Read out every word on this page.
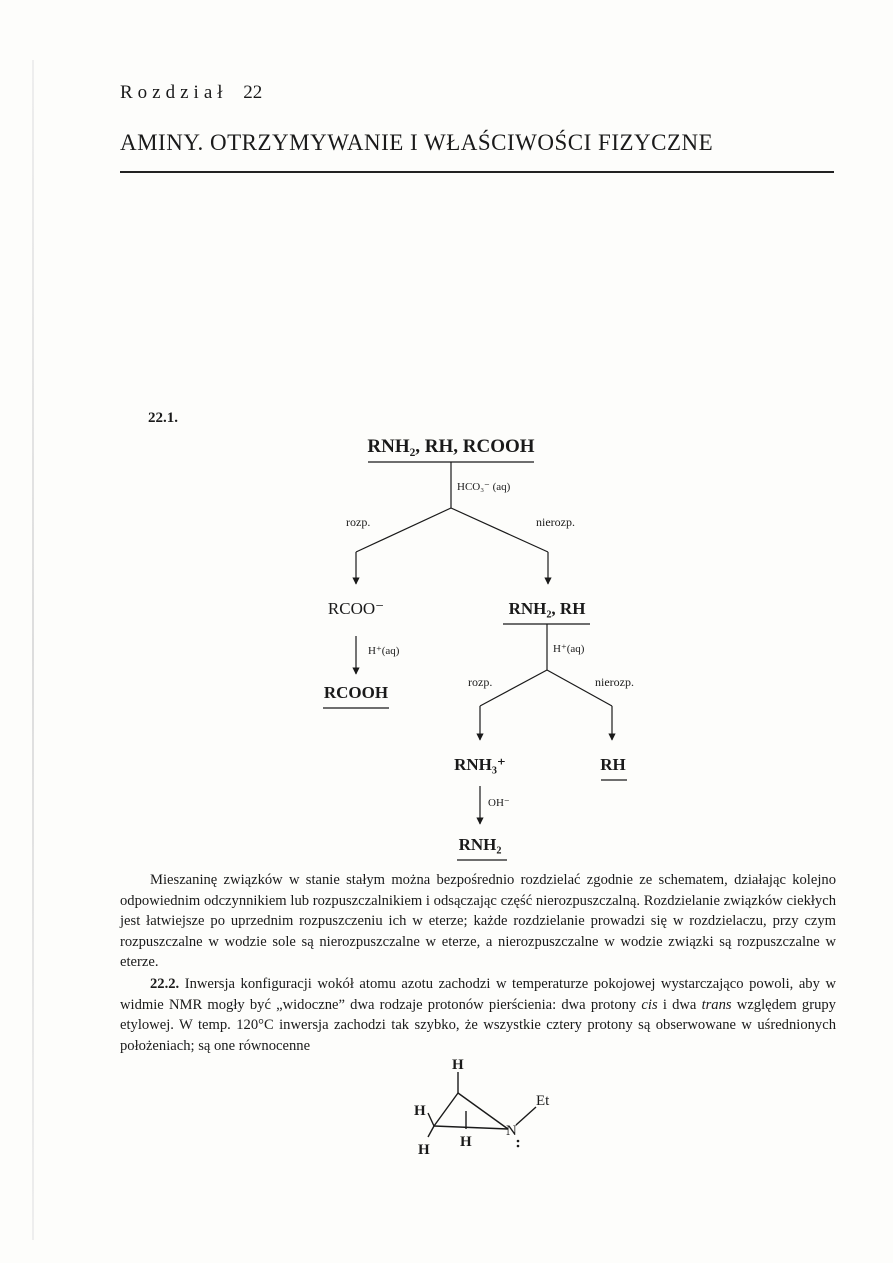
Rozdział 22
AMINY. OTRZYMYWANIE I WŁAŚCIWOŚCI FIZYCZNE
22.1.
RNH₂, RH, RCOOH
HCO₃⁻ (aq)
rozp.	nierozp.
RCOO⁻
H⁺(aq)
RCOOH
RNH₂, RH
H⁺(aq)
rozp.	nierozp.
RNH₃⁺	RH
OH⁻
RNH₂

Mieszaninę związków w stanie stałym można bezpośrednio rozdzielać zgodnie ze schematem, działając kolejno odpowiednim odczynnikiem lub rozpuszczalnikiem i odsączając część nierozpuszczalną. Rozdzielanie związków ciekłych jest łatwiejsze po uprzednim rozpuszczeniu ich w eterze; każde rozdzielanie prowadzi się w rozdzielaczu, przy czym rozpuszczalne w wodzie sole są nierozpuszczalne w eterze, a nierozpuszczalne w wodzie związki są rozpuszczalne w eterze.

22.2. Inwersja konfiguracji wokół atomu azotu zachodzi w temperaturze pokojowej wystarczająco powoli, aby w widmie NMR mogły być „widoczne” dwa rodzaje protonów pierścienia: dwa protony cis i dwa trans względem grupy etylowej. W temp. 120°C inwersja zachodzi tak szybko, że wszystkie cztery protony są obserwowane w uśrednionych położeniach; są one równocenne

H
H
H H
N
Et
